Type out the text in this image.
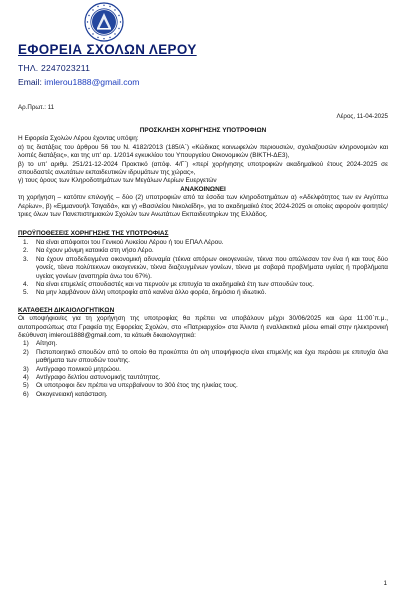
ΕΦΟΡΕΙΑ ΣΧΟΛΩΝ ΛΕΡΟΥ
ΤΗΛ. 2247023211
Email: imlerou1888@gmail.com
Αρ.Πρωτ.: 11
Λέρος, 11-04-2025

ΠΡΟΣΚΛΗΣΗ ΧΟΡΗΓΗΣΗΣ ΥΠΟΤΡΟΦΙΩΝ

Η Εφορεία Σχολών Λέρου έχοντας υπόψη:

α) τις διατάξεις του άρθρου 56 του Ν. 4182/2013 (185/Α΄) «Κώδικας κοινωφελών περιουσιών, σχολαζουσών κληρονομιών και λοιπές διατάξεις», και της υπ’ αρ. 1/2014 εγκυκλίου του Υπουργείου Οικονομικών (ΒΙΚΤΗ-ΔΕ3),

β) το υπ’ αριθμ. 251/21-12-2024 Πρακτικό (απόφ. 4/Γ΄) «περί χορήγησης υποτροφιών ακαδημαϊκού έτους 2024-2025 σε σπουδαστές ανωτάτων εκπαιδευτικών ιδρυμάτων της χώρας»,

γ) τους όρους των Κληροδοτημάτων των Μεγάλων Λερίων Ευεργετών

ΑΝΑΚΟΙΝΩΝΕΙ

τη χορήγηση – κατόπιν επιλογής – δύο (2) υποτροφιών από τα έσοδα των κληροδοτημάτων α) «Αδελφότητος των εν Αιγύπτω Λερίων», β) «Εμμανουήλ Τσιγαδά», και γ) «Βασιλείου Νικολαΐδη», για το ακαδημαϊκό έτος 2024-2025 οι οποίες αφορούν φοιτητές/τριες όλων των Πανεπιστημιακών Σχολών των Ανωτάτων Εκπαιδευτηρίων της Ελλάδος.

ΠΡΟΫΠΟΘΕΣΕΙΣ ΧΟΡΗΓΗΣΗΣ ΤΗΣ ΥΠΟΤΡΟΦΙΑΣ

1. Να είναι απόφοιτοι του Γενικού Λυκείου Λέρου ή του ΕΠΑΛ Λέρου.
2. Να έχουν μόνιμη κατοικία στη νήσο Λέρο.
3. Να έχουν αποδεδειγμένα οικονομική αδυναμία (τέκνα απόρων οικογενειών, τέκνα που απώλεσαν τον ένα ή και τους δύο γονείς, τέκνα πολύτεκνων οικογενειών, τέκνα διαζευγμένων γονέων, τέκνα με σοβαρά προβλήματα υγείας ή προβλήματα υγείας γονέων (αναπηρία άνω του 67%).
4. Να είναι επιμελείς σπουδαστές και να περνούν με επιτυχία τα ακαδημαϊκά έτη των σπουδών τους.
5. Να μην λαμβάνουν άλλη υποτροφία από κανένα άλλο φορέα, δημόσιο ή ιδιωτικό.

ΚΑΤΑΘΕΣΗ ΔΙΚΑΙΟΛΟΓΗΤΙΚΩΝ

Οι υποψήφιοι/ες για τη χορήγηση της υποτροφίας θα πρέπει να υποβάλουν μέχρι 30/06/2025 και ώρα 11:00΄π.μ., αυτοπροσώπως στα Γραφεία της Εφορείας Σχολών, στο «Πατριαρχείο» στα Άλιντα ή εναλλακτικά μέσω email στην ηλεκτρονική διεύθυνση imlerou1888@gmail.com, τα κάτωθι δικαιολογητικά:

1) Αίτηση.
2) Πιστοποιητικό σπουδών από το οποίο θα προκύπτει ότι ο/η υποψήφιος/α είναι επιμελής και έχει περάσει με επιτυχία όλα μαθήματα των σπουδών του/της.
3) Αντίγραφο ποινικού μητρώου.
4) Αντίγραφο δελτίου αστυνομικής ταυτότητας.
5) Οι υποτροφοι δεν πρέπει να υπερβαίνουν το 30ό έτος της ηλικίας τους.
6) Οικογενειακή κατάσταση.
1
